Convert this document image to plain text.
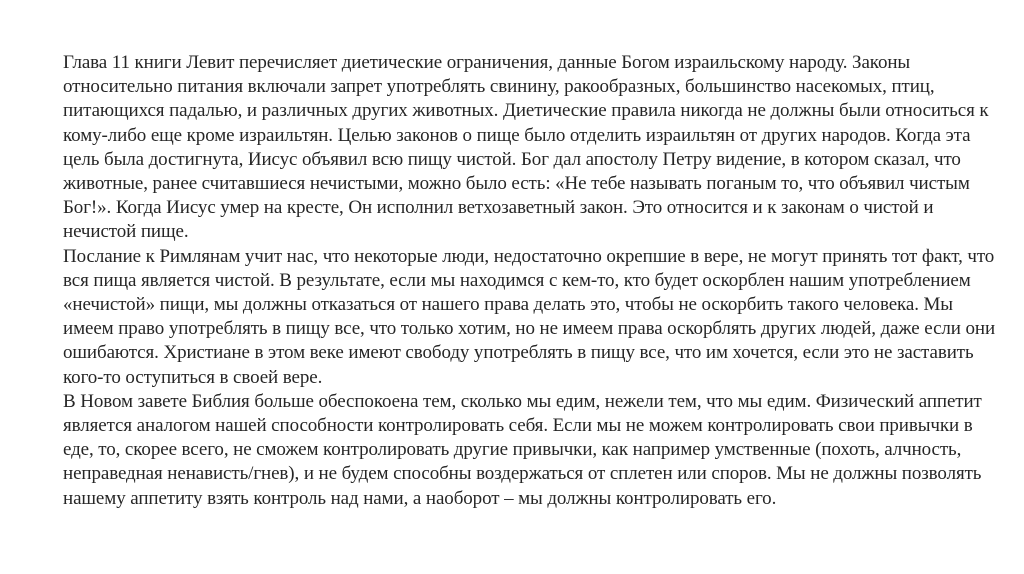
Глава 11 книги Левит перечисляет диетические ограничения, данные Богом израильскому народу. Законы относительно питания включали запрет употреблять свинину, ракообразных, большинство насекомых, птиц, питающихся падалью, и различных других животных. Диетические правила никогда не должны были относиться к кому-либо еще кроме израильтян. Целью законов о пище было отделить израильтян от других народов. Когда эта цель была достигнута, Иисус объявил всю пищу чистой. Бог дал апостолу Петру видение, в котором сказал, что животные, ранее считавшиеся нечистыми, можно было есть: «Не тебе называть поганым то, что объявил чистым Бог!». Когда Иисус умер на кресте, Он исполнил ветхозаветный закон. Это относится и к законам о чистой и нечистой пище.

Послание к Римлянам учит нас, что некоторые люди, недостаточно окрепшие в вере, не могут принять тот факт, что вся пища является чистой. В результате, если мы находимся с кем-то, кто будет оскорблен нашим употреблением «нечистой» пищи, мы должны отказаться от нашего права делать это, чтобы не оскорбить такого человека. Мы имеем право употреблять в пищу все, что только хотим, но не имеем права оскорблять других людей, даже если они ошибаются. Христиане в этом веке имеют свободу употреблять в пищу все, что им хочется, если это не заставить кого-то оступиться в своей вере.

В Новом завете Библия больше обеспокоена тем, сколько мы едим, нежели тем, что мы едим. Физический аппетит является аналогом нашей способности контролировать себя. Если мы не можем контролировать свои привычки в еде, то, скорее всего, не сможем контролировать другие привычки, как например умственные (похоть, алчность, неправедная ненависть/гнев), и не будем способны воздержаться от сплетен или споров. Мы не должны позволять нашему аппетиту взять контроль над нами, а наоборот – мы должны контролировать его.
